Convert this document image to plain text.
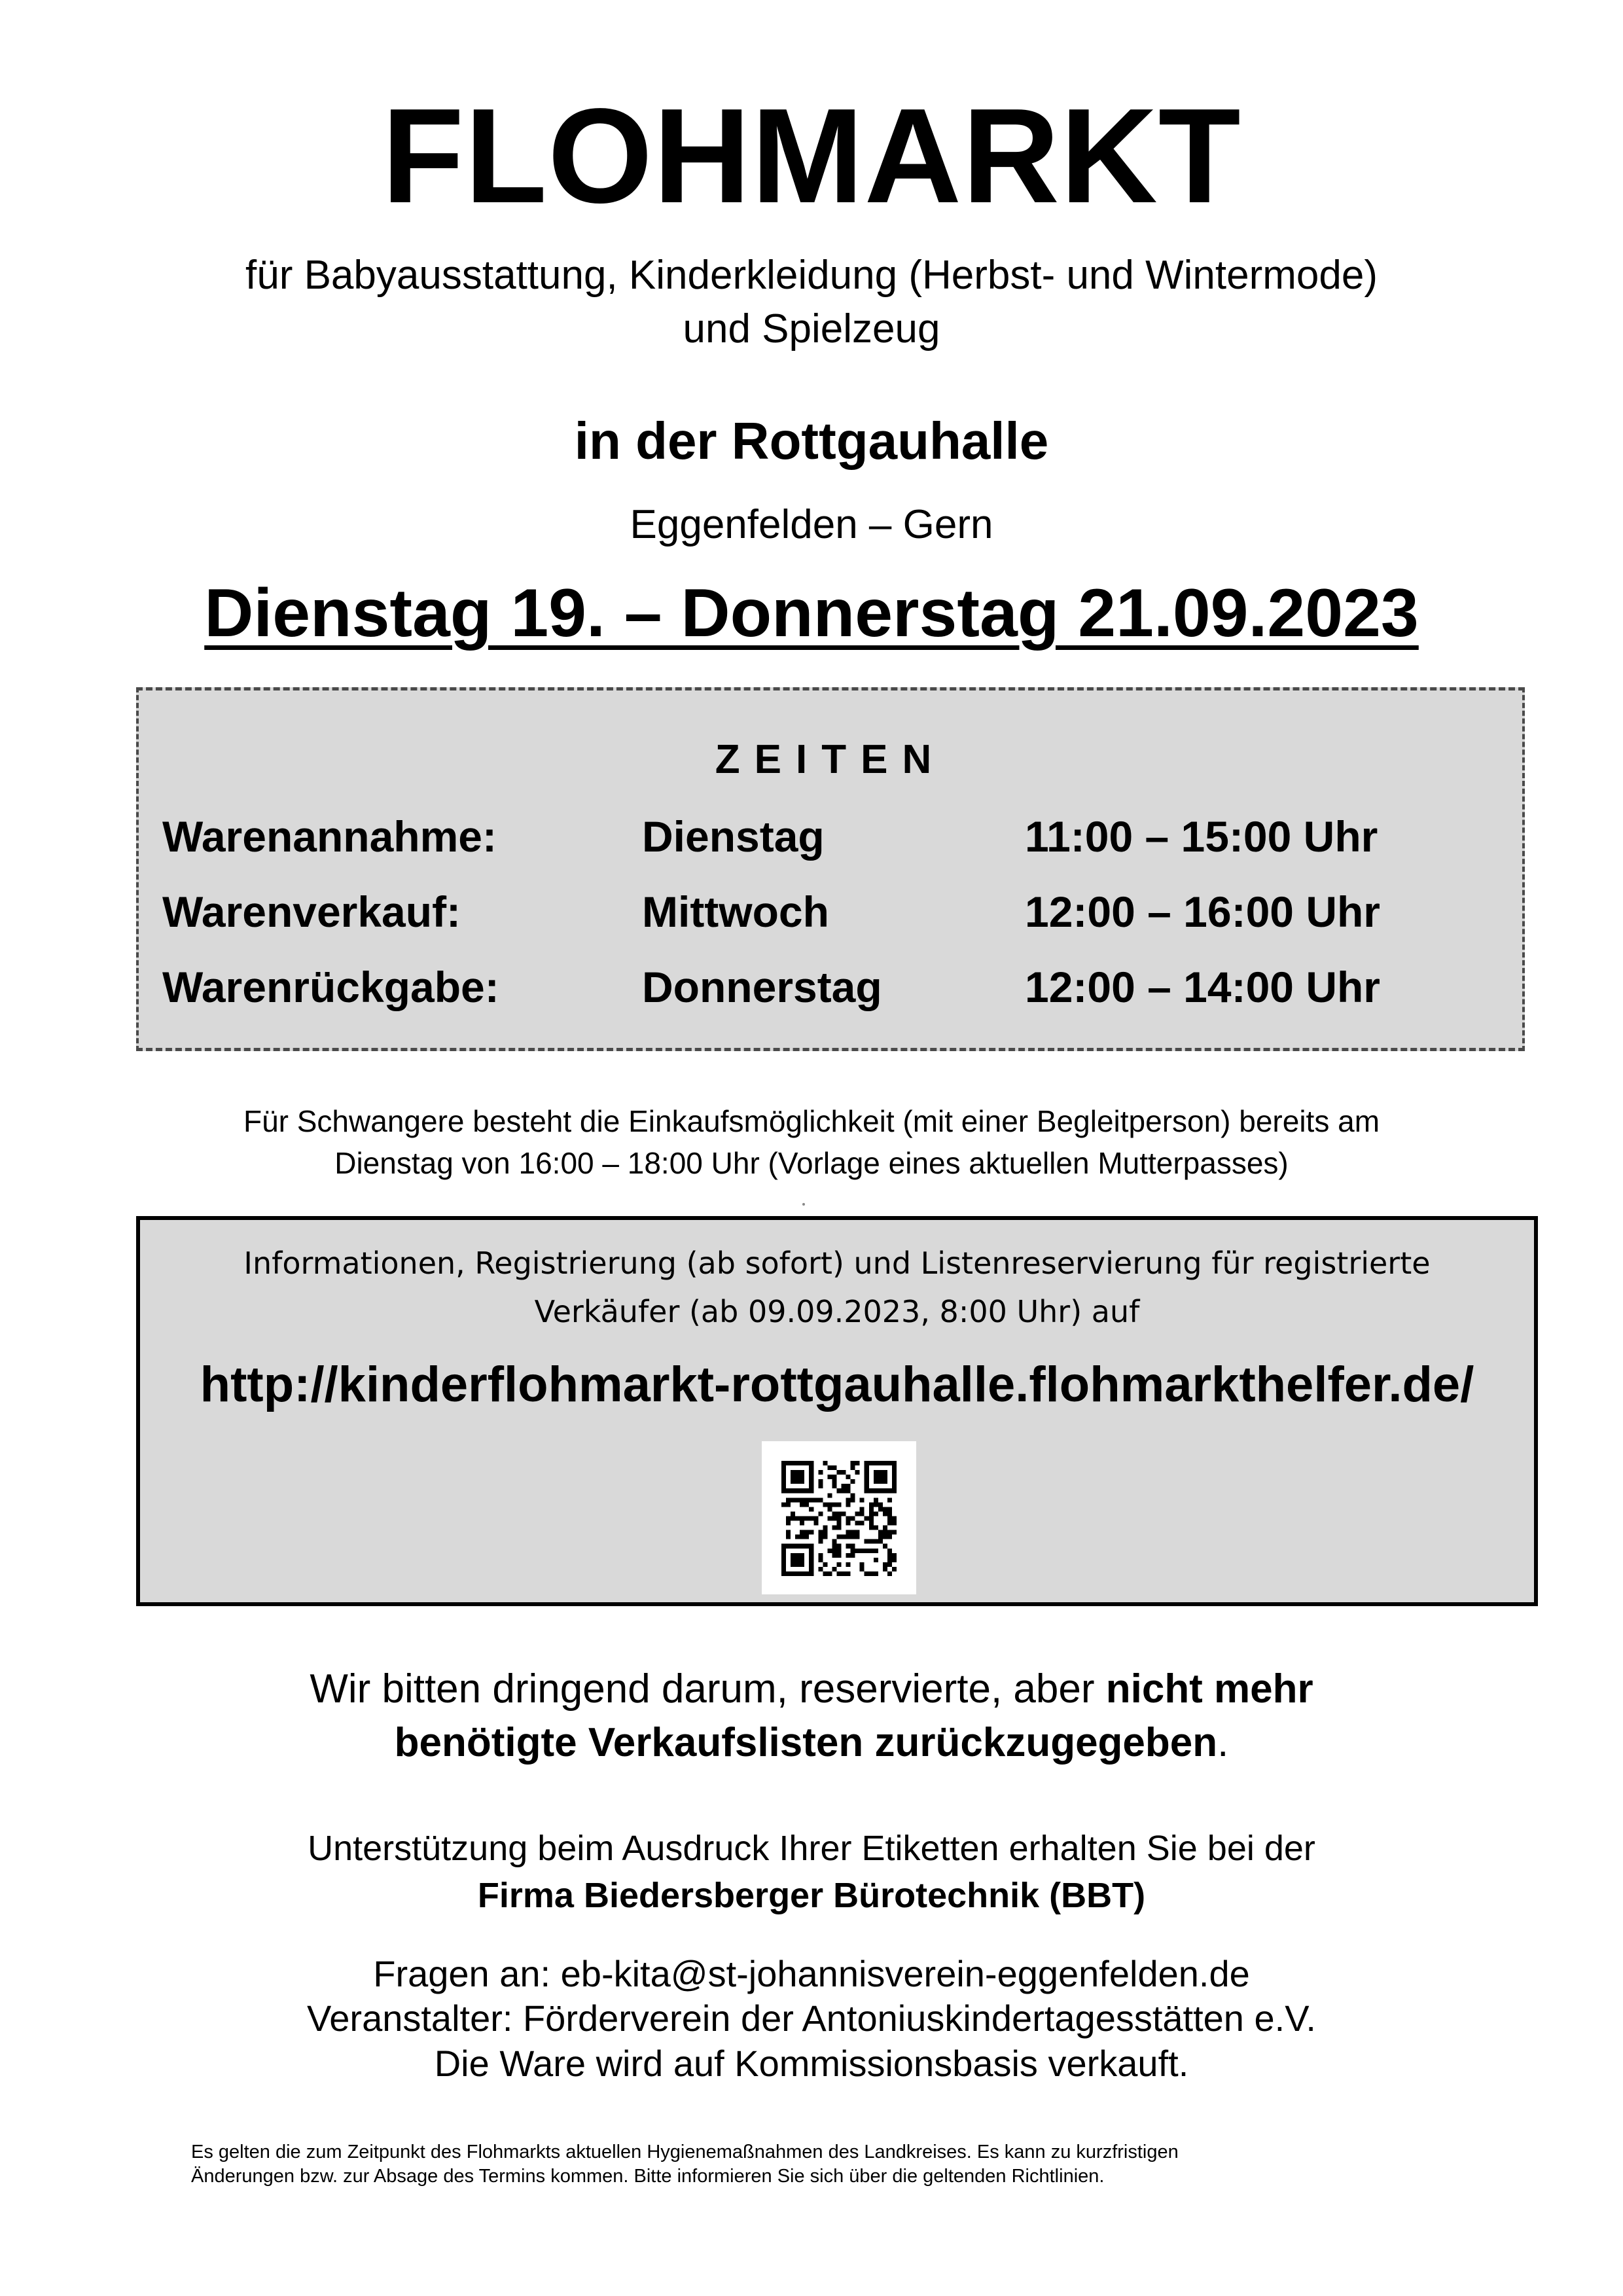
FLOHMARKT
für Babyausstattung, Kinderkleidung (Herbst- und Wintermode)
und Spielzeug
in der Rottgauhalle
Eggenfelden – Gern
Dienstag 19. – Donnerstag 21.09.2023
ZEITEN
Warenannahme:	Dienstag	11:00 – 15:00 Uhr
Warenverkauf:	Mittwoch	12:00 – 16:00 Uhr
Warenrückgabe:	Donnerstag	12:00 – 14:00 Uhr
Für Schwangere besteht die Einkaufsmöglichkeit (mit einer Begleitperson) bereits am
Dienstag von 16:00 – 18:00 Uhr (Vorlage eines aktuellen Mutterpasses)
Informationen, Registrierung (ab sofort) und Listenreservierung für registrierte
Verkäufer (ab 09.09.2023, 8:00 Uhr) auf
http://kinderflohmarkt-rottgauhalle.flohmarkthelfer.de/
Wir bitten dringend darum, reservierte, aber nicht mehr
benötigte Verkaufslisten zurückzugegeben.
Unterstützung beim Ausdruck Ihrer Etiketten erhalten Sie bei der
Firma Biedersberger Bürotechnik (BBT)
Fragen an: eb-kita@st-johannisverein-eggenfelden.de
Veranstalter: Förderverein der Antoniuskindertagesstätten e.V.
Die Ware wird auf Kommissionsbasis verkauft.
Es gelten die zum Zeitpunkt des Flohmarkts aktuellen Hygienemaßnahmen des Landkreises. Es kann zu kurzfristigen
Änderungen bzw. zur Absage des Termins kommen. Bitte informieren Sie sich über die geltenden Richtlinien.
